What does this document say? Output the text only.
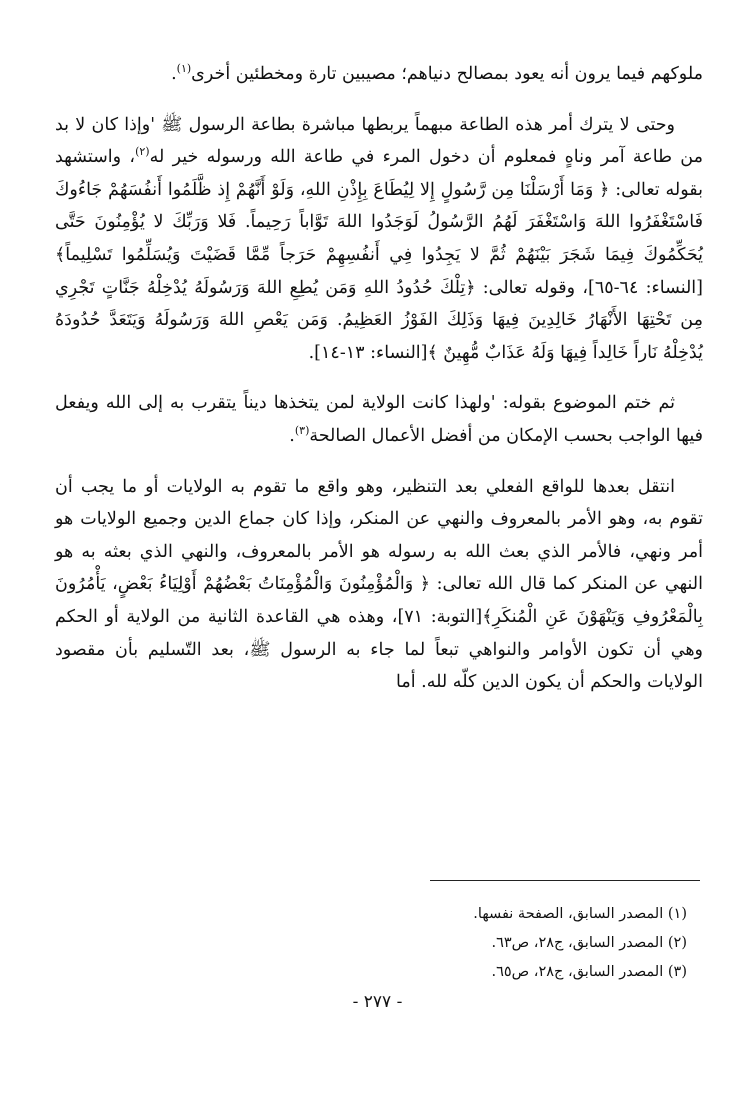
ملوكهم فيما يرون أنه يعود بمصالح دنياهم؛ مصيبين تارة ومخطئين أخرى$^{(١)}$.

وحتى لا يترك أمر هذه الطاعة مبهماً يربطها مباشرة بطاعة الرسول ﷺ 'وإذا كان لا بد من طاعة آمر وناهٍ فمعلوم أن دخول المرء في طاعة الله ورسوله خير له$^{(٢)}$، واستشهد بقوله تعالى: ﴿ وَمَا أَرْسَلْنَا مِن رَّسُولٍ إِلا لِيُطَاعَ بِإِذْنِ اللهِ، وَلَوْ أَنَّهُمْ إِذ ظَّلَمُوا أَنفُسَهُمْ جَاءُوكَ فَاسْتَغْفَرُوا اللهَ وَاسْتَغْفَرَ لَهُمُ الرَّسُولُ لَوَجَدُوا اللهَ تَوَّاباً رَحِيماً. فَلا وَرَبِّكَ لا يُؤْمِنُونَ حَتَّى يُحَكِّمُوكَ فِيمَا شَجَرَ بَيْنَهُمْ ثُمَّ لا يَجِدُوا فِي أَنفُسِهِمْ حَرَجاً مِّمَّا قَضَيْتَ وَيُسَلِّمُوا تَسْلِيماً﴾[النساء: ٦٤-٦٥]، وقوله تعالى: ﴿تِلْكَ حُدُودُ اللهِ وَمَن يُطِعِ اللهَ وَرَسُولَهُ يُدْخِلْهُ جَنَّاتٍ تَجْرِي مِن تَحْتِهَا الأَنْهَارُ خَالِدِينَ فِيهَا وَذَلِكَ الفَوْزُ العَظِيمُ. وَمَن يَعْصِ اللهَ وَرَسُولَهُ وَيَتَعَدَّ حُدُودَهُ يُدْخِلْهُ نَاراً خَالِداً فِيهَا وَلَهُ عَذَابٌ مُّهِينٌ ﴾[النساء: ١٣-١٤].

ثم ختم الموضوع بقوله: 'ولهذا كانت الولاية لمن يتخذها ديناً يتقرب به إلى الله ويفعل فيها الواجب بحسب الإمكان من أفضل الأعمال الصالحة$^{(٣)}$.

انتقل بعدها للواقع الفعلي بعد التنظير، وهو واقع ما تقوم به الولايات أو ما يجب أن تقوم به، وهو الأمر بالمعروف والنهي عن المنكر، وإذا كان جماع الدين وجميع الولايات هو أمر ونهي، فالأمر الذي بعث الله به رسوله هو الأمر بالمعروف، والنهي الذي بعثه به هو النهي عن المنكر كما قال الله تعالى: ﴿ وَالْمُؤْمِنُونَ وَالْمُؤْمِنَاتُ بَعْضُهُمْ أَوْلِيَاءُ بَعْضٍ، يَأْمُرُونَ بِالْمَعْرُوفِ وَيَنْهَوْنَ عَنِ الْمُنكَرِ﴾[التوبة: ٧١]، وهذه هي القاعدة الثانية من الولاية أو الحكم وهي أن تكون الأوامر والنواهي تبعاً لما جاء به الرسول ﷺ، بعد التّسليم بأن مقصود الولايات والحكم أن يكون الدين كلّه لله. أما

(١) المصدر السابق، الصفحة نفسها.
(٢) المصدر السابق، ج٢٨، ص٦٣.
(٣) المصدر السابق، ج٢٨، ص٦٥.
- ٢٧٧ -
